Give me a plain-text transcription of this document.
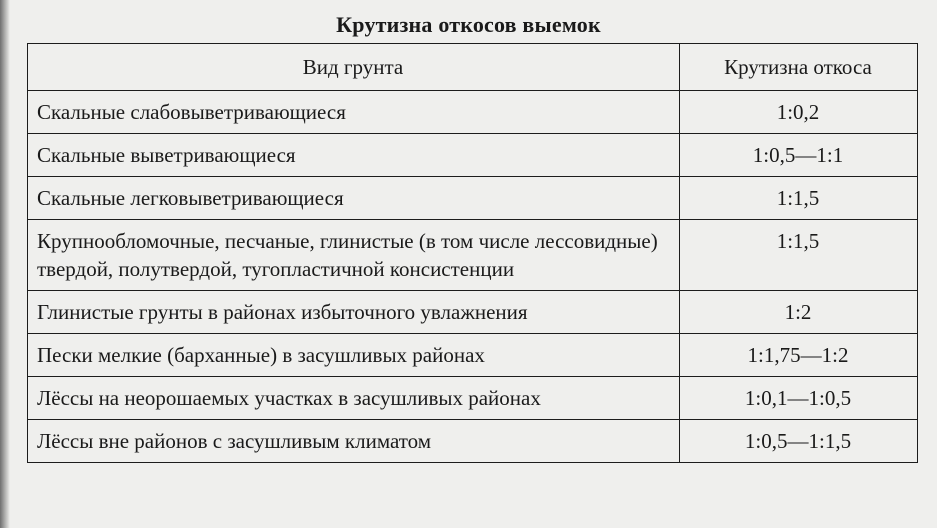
Крутизна откосов выемок
Вид грунта	Крутизна откоса
Скальные слабовыветривающиеся	1:0,2
Скальные выветривающиеся	1:0,5—1:1
Скальные легковыветривающиеся	1:1,5
Крупнообломочные, песчаные, глинистые (в том числе лессовидные) твердой, полутвердой, тугопластичной консистенции	1:1,5
Глинистые грунты в районах избыточного увлажнения	1:2
Пески мелкие (барханные) в засушливых районах	1:1,75—1:2
Лёссы на неорошаемых участках в засушливых районах	1:0,1—1:0,5
Лёссы вне районов с засушливым климатом	1:0,5—1:1,5
